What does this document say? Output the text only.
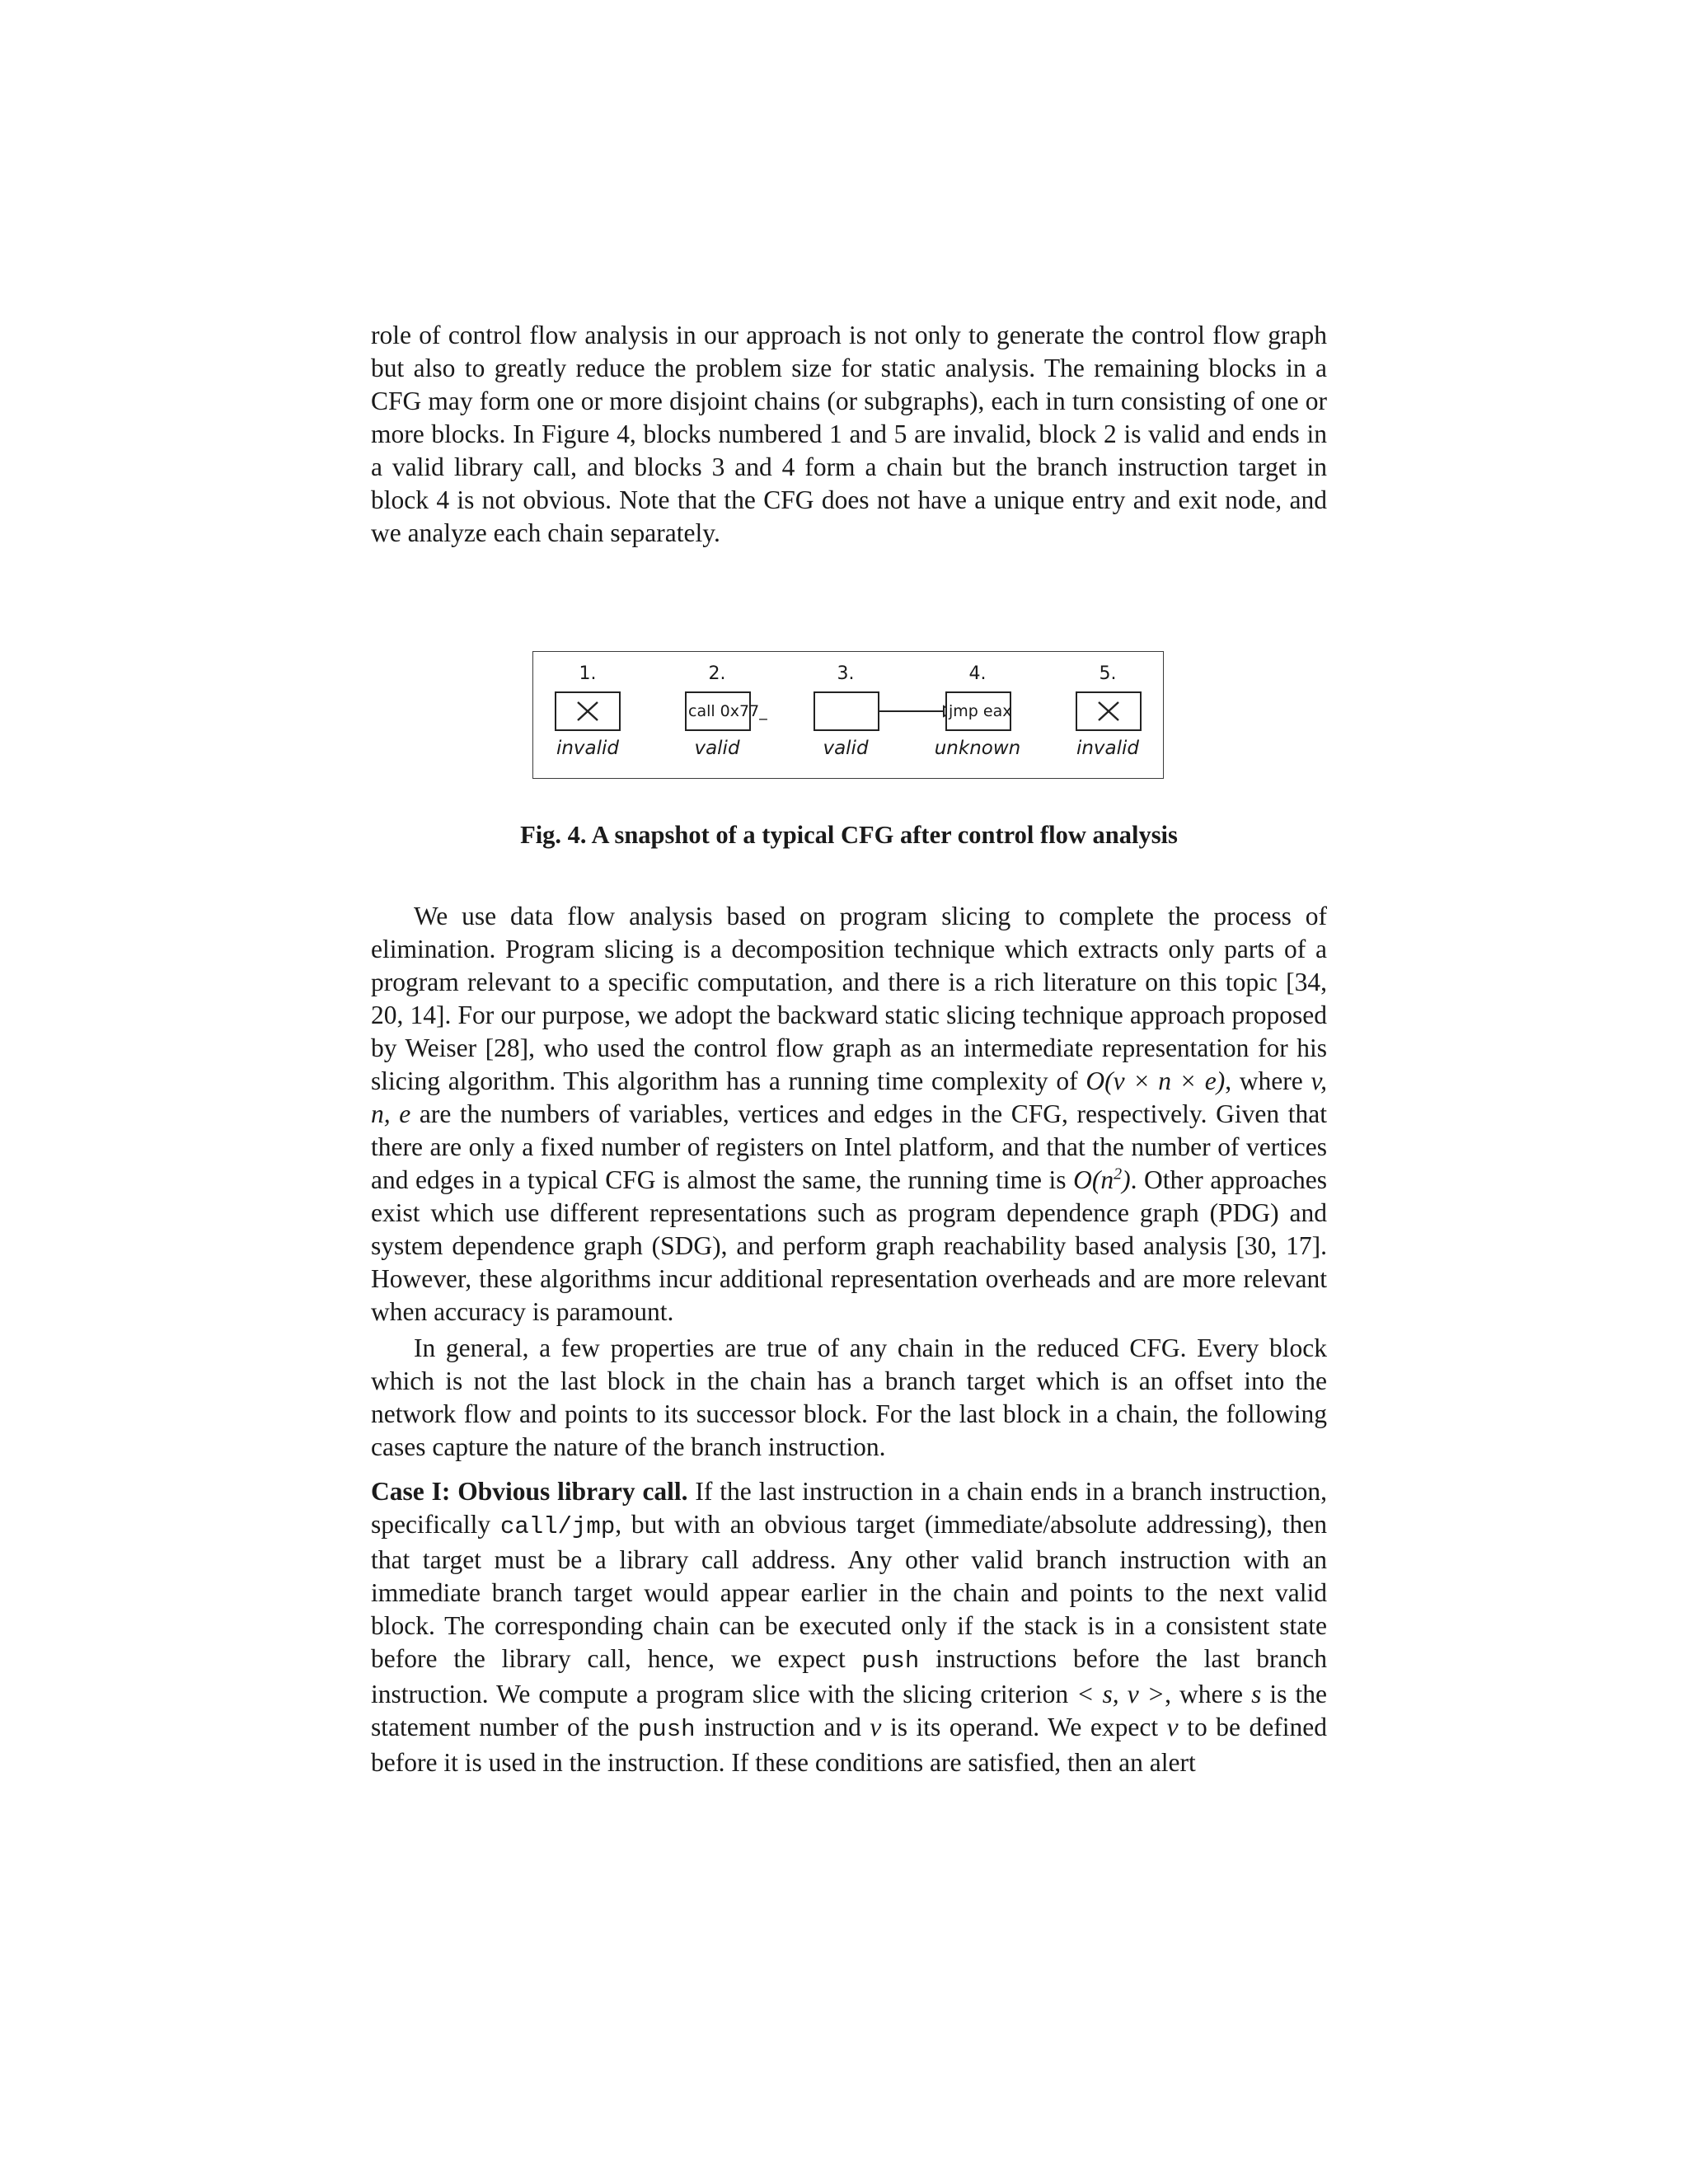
role of control flow analysis in our approach is not only to generate the control flow graph but also to greatly reduce the problem size for static analysis. The remaining blocks in a CFG may form one or more disjoint chains (or subgraphs), each in turn consisting of one or more blocks. In Figure 4, blocks numbered 1 and 5 are invalid, block 2 is valid and ends in a valid library call, and blocks 3 and 4 form a chain but the branch instruction target in block 4 is not obvious. Note that the CFG does not have a unique entry and exit node, and we analyze each chain separately.

1.
invalid
2.
call 0x77_
valid
3.
valid
4.
jmp eax
unknown
5.
invalid
Fig. 4. A snapshot of a typical CFG after control flow analysis

We use data flow analysis based on program slicing to complete the process of elimination. Program slicing is a decomposition technique which extracts only parts of a program relevant to a specific computation, and there is a rich literature on this topic [34, 20, 14]. For our purpose, we adopt the backward static slicing technique approach proposed by Weiser [28], who used the control flow graph as an intermediate representation for his slicing algorithm. This algorithm has a running time complexity of O(v × n × e), where v, n, e are the numbers of variables, vertices and edges in the CFG, respectively. Given that there are only a fixed number of registers on Intel platform, and that the number of vertices and edges in a typical CFG is almost the same, the running time is $O(n^2)$. Other approaches exist which use different representations such as program dependence graph (PDG) and system dependence graph (SDG), and perform graph reachability based analysis [30, 17]. However, these algorithms incur additional representation overheads and are more relevant when accuracy is paramount.

In general, a few properties are true of any chain in the reduced CFG. Every block which is not the last block in the chain has a branch target which is an offset into the network flow and points to its successor block. For the last block in a chain, the following cases capture the nature of the branch instruction.

Case I: Obvious library call. If the last instruction in a chain ends in a branch instruction, specifically call/jmp, but with an obvious target (immediate/absolute addressing), then that target must be a library call address. Any other valid branch instruction with an immediate branch target would appear earlier in the chain and points to the next valid block. The corresponding chain can be executed only if the stack is in a consistent state before the library call, hence, we expect push instructions before the last branch instruction. We compute a program slice with the slicing criterion < s, v >, where s is the statement number of the push instruction and v is its operand. We expect v to be defined before it is used in the instruction. If these conditions are satisfied, then an alert
